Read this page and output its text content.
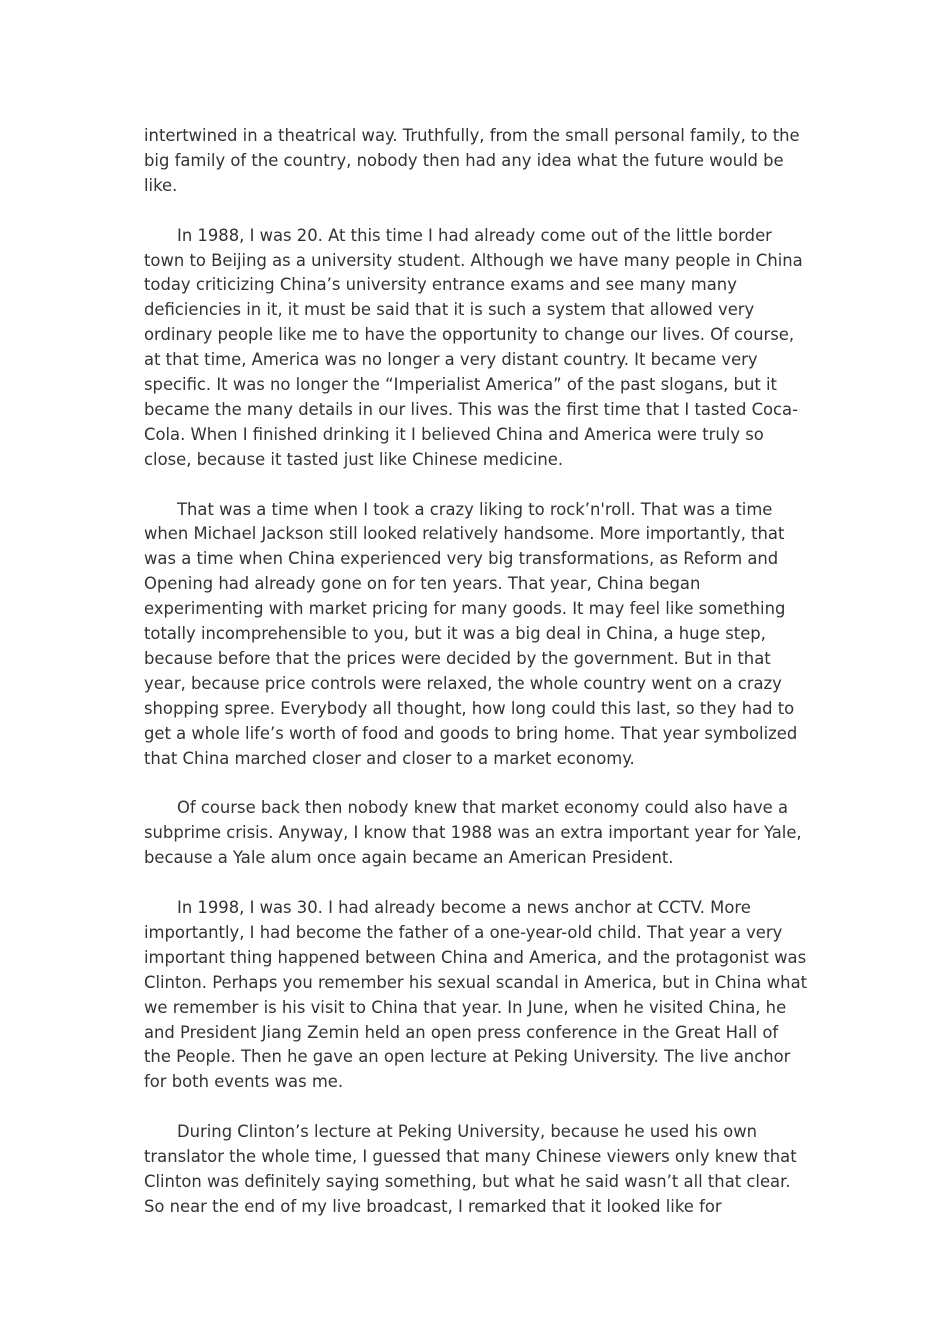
intertwined in a theatrical way. Truthfully, from the small personal family, to the big family of the country, nobody then had any idea what the future would be like.

In 1988, I was 20. At this time I had already come out of the little border town to Beijing as a university student. Although we have many people in China today criticizing China’s university entrance exams and see many many deficiencies in it, it must be said that it is such a system that allowed very ordinary people like me to have the opportunity to change our lives. Of course, at that time, America was no longer a very distant country. It became very specific. It was no longer the “Imperialist America” of the past slogans, but it became the many details in our lives. This was the first time that I tasted Coca-Cola. When I finished drinking it I believed China and America were truly so close, because it tasted just like Chinese medicine.

That was a time when I took a crazy liking to rock’n'roll. That was a time when Michael Jackson still looked relatively handsome. More importantly, that was a time when China experienced very big transformations, as Reform and Opening had already gone on for ten years. That year, China began experimenting with market pricing for many goods. It may feel like something totally incomprehensible to you, but it was a big deal in China, a huge step, because before that the prices were decided by the government. But in that year, because price controls were relaxed, the whole country went on a crazy shopping spree. Everybody all thought, how long could this last, so they had to get a whole life’s worth of food and goods to bring home. That year symbolized that China marched closer and closer to a market economy.

Of course back then nobody knew that market economy could also have a subprime crisis. Anyway, I know that 1988 was an extra important year for Yale, because a Yale alum once again became an American President.

In 1998, I was 30. I had already become a news anchor at CCTV. More importantly, I had become the father of a one-year-old child. That year a very important thing happened between China and America, and the protagonist was Clinton. Perhaps you remember his sexual scandal in America, but in China what we remember is his visit to China that year. In June, when he visited China, he and President Jiang Zemin held an open press conference in the Great Hall of the People. Then he gave an open lecture at Peking University. The live anchor for both events was me.

During Clinton’s lecture at Peking University, because he used his own translator the whole time, I guessed that many Chinese viewers only knew that Clinton was definitely saying something, but what he said wasn’t all that clear. So near the end of my live broadcast, I remarked that it looked like for
